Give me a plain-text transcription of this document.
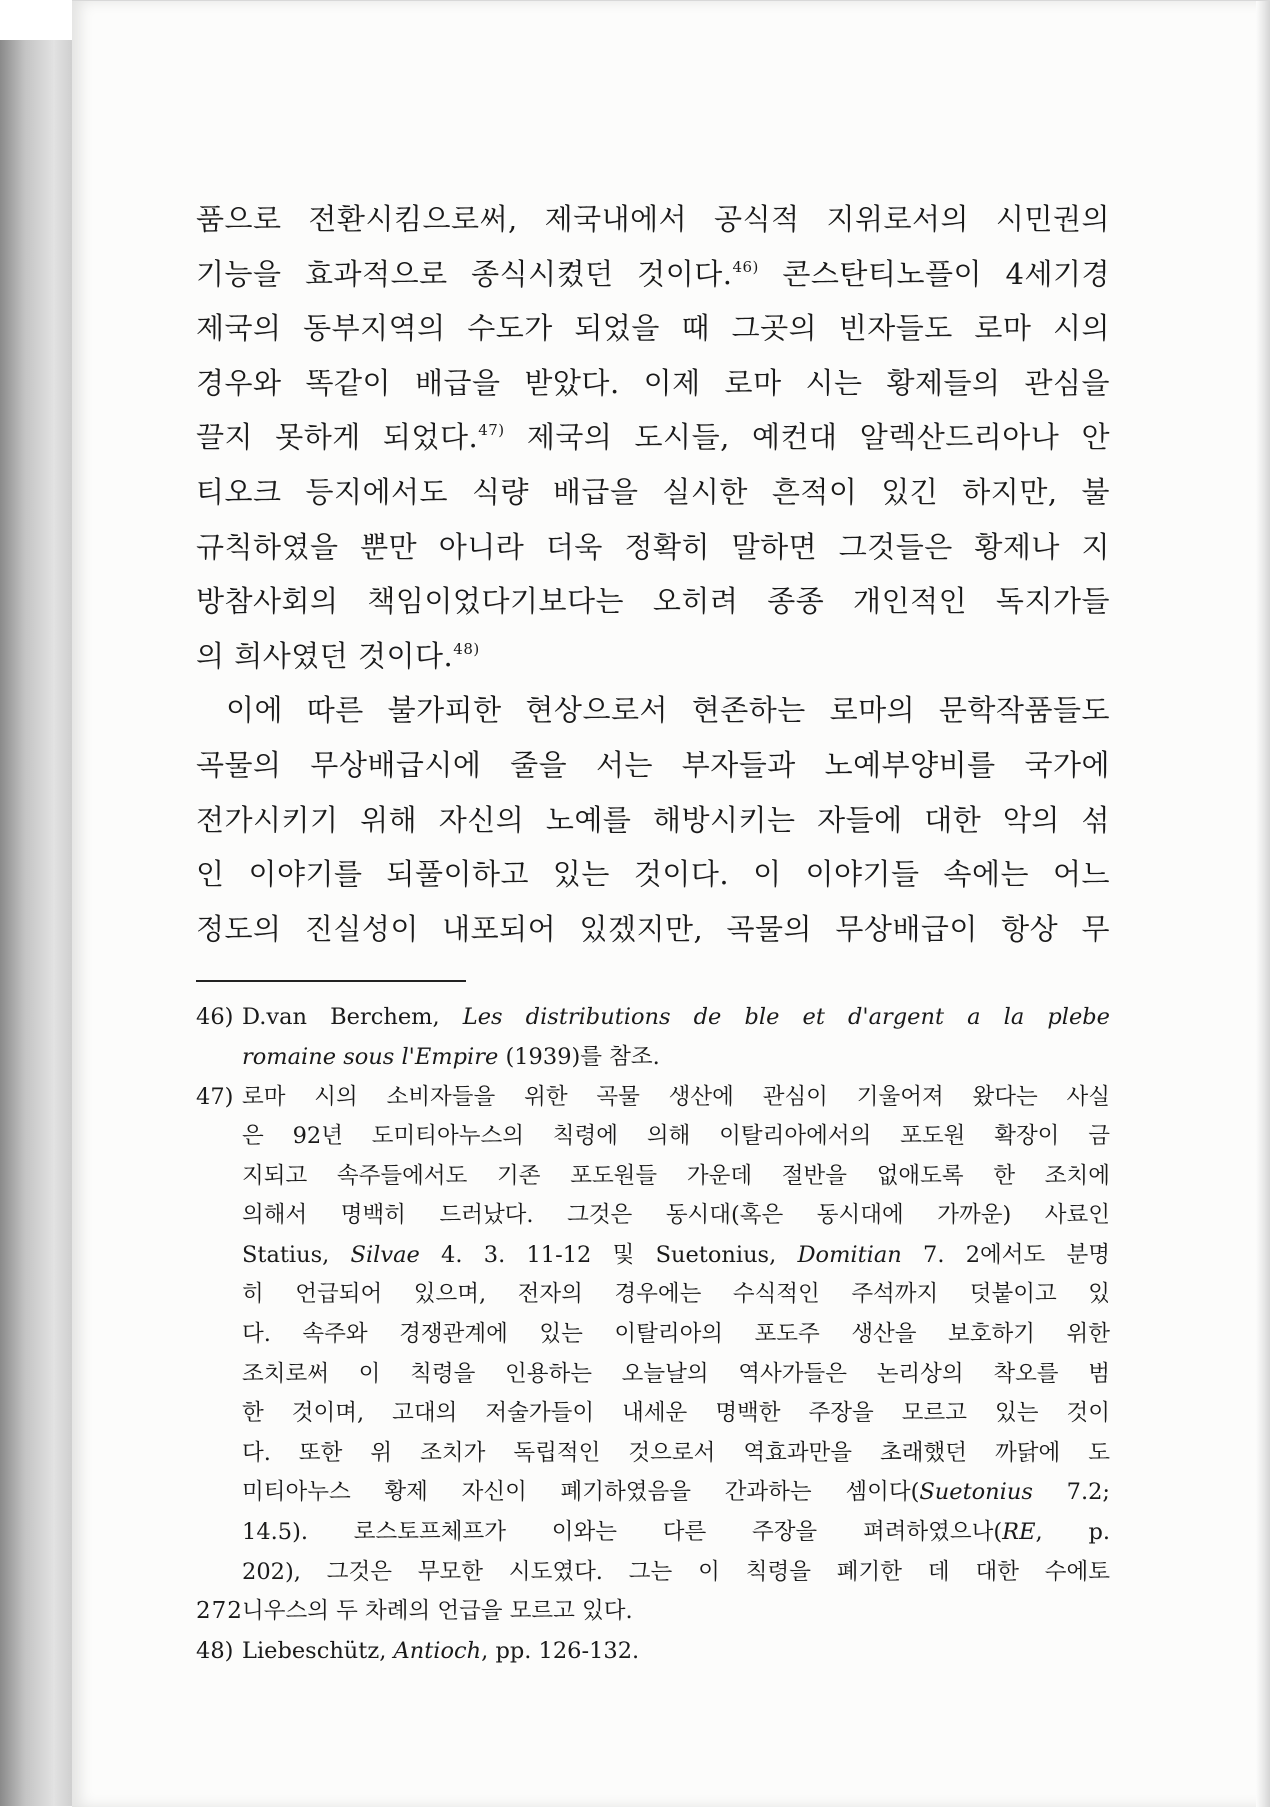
품으로 전환시킴으로써, 제국내에서 공식적 지위로서의 시민권의
기능을 효과적으로 종식시켰던 것이다.$^{46)}$ 콘스탄티노플이 4세기경
제국의 동부지역의 수도가 되었을 때 그곳의 빈자들도 로마 시의
경우와 똑같이 배급을 받았다. 이제 로마 시는 황제들의 관심을
끌지 못하게 되었다.$^{47)}$ 제국의 도시들, 예컨대 알렉산드리아나 안
티오크 등지에서도 식량 배급을 실시한 흔적이 있긴 하지만, 불
규칙하였을 뿐만 아니라 더욱 정확히 말하면 그것들은 황제나 지
방참사회의 책임이었다기보다는 오히려 종종 개인적인 독지가들
의 희사였던 것이다.$^{48)}$
이에 따른 불가피한 현상으로서 현존하는 로마의 문학작품들도
곡물의 무상배급시에 줄을 서는 부자들과 노예부양비를 국가에
전가시키기 위해 자신의 노예를 해방시키는 자들에 대한 악의 섞
인 이야기를 되풀이하고 있는 것이다. 이 이야기들 속에는 어느
정도의 진실성이 내포되어 있겠지만, 곡물의 무상배급이 항상 무
46) D.van Berchem, Les distributions de ble et d'argent a la plebe
romaine sous l'Empire (1939)를 참조.
47) 로마 시의 소비자들을 위한 곡물 생산에 관심이 기울어져 왔다는 사실
은 92년 도미티아누스의 칙령에 의해 이탈리아에서의 포도원 확장이 금
지되고 속주들에서도 기존 포도원들 가운데 절반을 없애도록 한 조치에
의해서 명백히 드러났다. 그것은 동시대(혹은 동시대에 가까운) 사료인
Statius, Silvae 4. 3. 11-12 및 Suetonius, Domitian 7. 2에서도 분명
히 언급되어 있으며, 전자의 경우에는 수식적인 주석까지 덧붙이고 있
다. 속주와 경쟁관계에 있는 이탈리아의 포도주 생산을 보호하기 위한
조치로써 이 칙령을 인용하는 오늘날의 역사가들은 논리상의 착오를 범
한 것이며, 고대의 저술가들이 내세운 명백한 주장을 모르고 있는 것이
다. 또한 위 조치가 독립적인 것으로서 역효과만을 초래했던 까닭에 도
미티아누스 황제 자신이 폐기하였음을 간과하는 셈이다(Suetonius 7.2;
14.5). 로스토프체프가 이와는 다른 주장을 펴려하였으나(RE, p.
202), 그것은 무모한 시도였다. 그는 이 칙령을 폐기한 데 대한 수에토
니우스의 두 차례의 언급을 모르고 있다.
48) Liebeschütz, Antioch, pp. 126-132.
272
